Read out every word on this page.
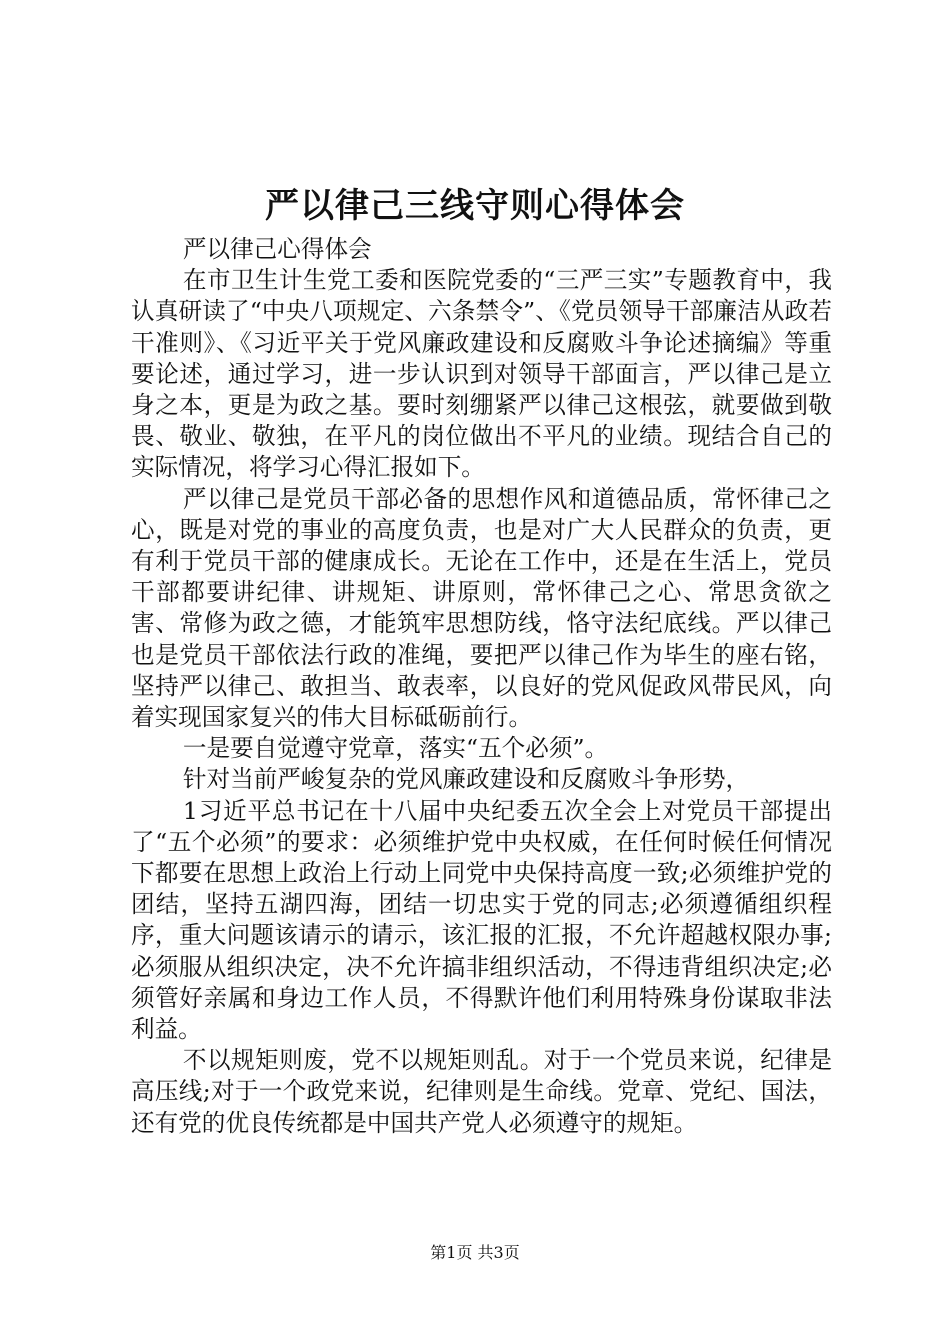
严以律己三线守则心得体会

严以律己心得体会

在市卫生计生党工委和医院党委的“三严三实”专题教育中，我认真研读了“中央八项规定、六条禁令”、《党员领导干部廉洁从政若干准则》、《习近平关于党风廉政建设和反腐败斗争论述摘编》等重要论述，通过学习，进一步认识到对领导干部面言，严以律己是立身之本，更是为政之基。要时刻绷紧严以律己这根弦，就要做到敬畏、敬业、敬独，在平凡的岗位做出不平凡的业绩。现结合自己的实际情况，将学习心得汇报如下。

严以律己是党员干部必备的思想作风和道德品质，常怀律己之心，既是对党的事业的高度负责，也是对广大人民群众的负责，更有利于党员干部的健康成长。无论在工作中，还是在生活上，党员干部都要讲纪律、讲规矩、讲原则，常怀律己之心、常思贪欲之害、常修为政之德，才能筑牢思想防线，恪守法纪底线。严以律己也是党员干部依法行政的准绳，要把严以律己作为毕生的座右铭，坚持严以律己、敢担当、敢表率，以良好的党风促政风带民风，向着实现国家复兴的伟大目标砥砺前行。

一是要自觉遵守党章，落实“五个必须”。

针对当前严峻复杂的党风廉政建设和反腐败斗争形势，

1习近平总书记在十八届中央纪委五次全会上对党员干部提出了“五个必须”的要求：必须维护党中央权威，在任何时候任何情况下都要在思想上政治上行动上同党中央保持高度一致;必须维护党的团结，坚持五湖四海，团结一切忠实于党的同志;必须遵循组织程序，重大问题该请示的请示，该汇报的汇报，不允许超越权限办事;必须服从组织决定，决不允许搞非组织活动，不得违背组织决定;必须管好亲属和身边工作人员，不得默许他们利用特殊身份谋取非法利益。

不以规矩则废，党不以规矩则乱。对于一个党员来说，纪律是高压线;对于一个政党来说，纪律则是生命线。党章、党纪、国法，还有党的优良传统都是中国共产党人必须遵守的规矩。

第1页 共3页
